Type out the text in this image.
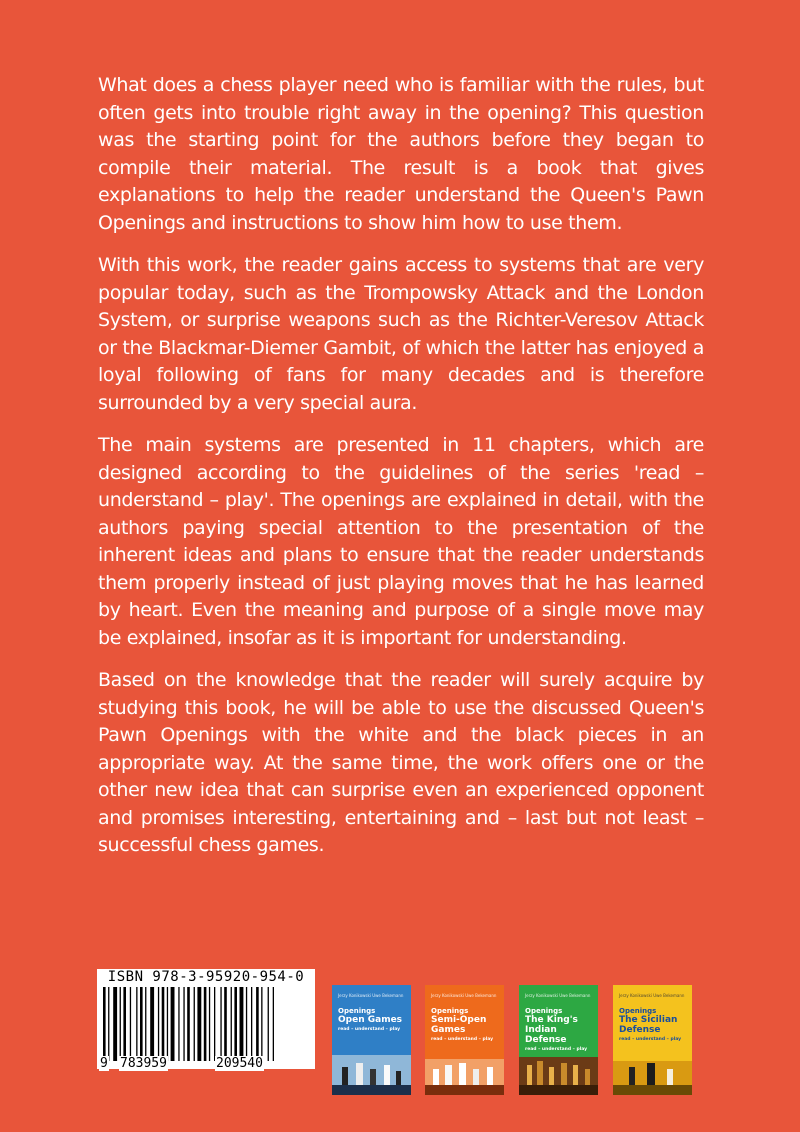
What does a chess player need who is familiar with the rules, but often gets into trouble right away in the opening? This question was the starting point for the authors before they began to compile their material. The result is a book that gives explanations to help the reader understand the Queen's Pawn Openings and instructions to show him how to use them.

With this work, the reader gains access to systems that are very popular today, such as the Trompowsky Attack and the London System, or surprise weapons such as the Richter-Veresov Attack or the Blackmar-Diemer Gambit, of which the latter has enjoyed a loyal following of fans for many decades and is therefore surrounded by a very special aura.

The main systems are presented in 11 chapters, which are designed according to the guidelines of the series 'read – understand – play'. The openings are explained in detail, with the authors paying special attention to the presentation of the inherent ideas and plans to ensure that the reader understands them properly instead of just playing moves that he has learned by heart. Even the meaning and purpose of a single move may be explained, insofar as it is important for understanding.

Based on the knowledge that the reader will surely acquire by studying this book, he will be able to use the discussed Queen's Pawn Openings with the white and the black pieces in an appropriate way. At the same time, the work offers one or the other new idea that can surprise even an experienced opponent and promises interesting, entertaining and – last but not least – successful chess games.

ISBN 978-3-95920-954-0
9 783959	209540
Jerzy Konikowski Uwe Bekemann
Openings
Open Games
read – understand – play
Jerzy Konikowski Uwe Bekemann
Openings
Semi-Open Games
read – understand – play
Jerzy Konikowski Uwe Bekemann
Openings
The King's Indian Defense
read – understand – play
Jerzy Konikowski Uwe Bekemann
Openings
The Sicilian Defense
read – understand – play
